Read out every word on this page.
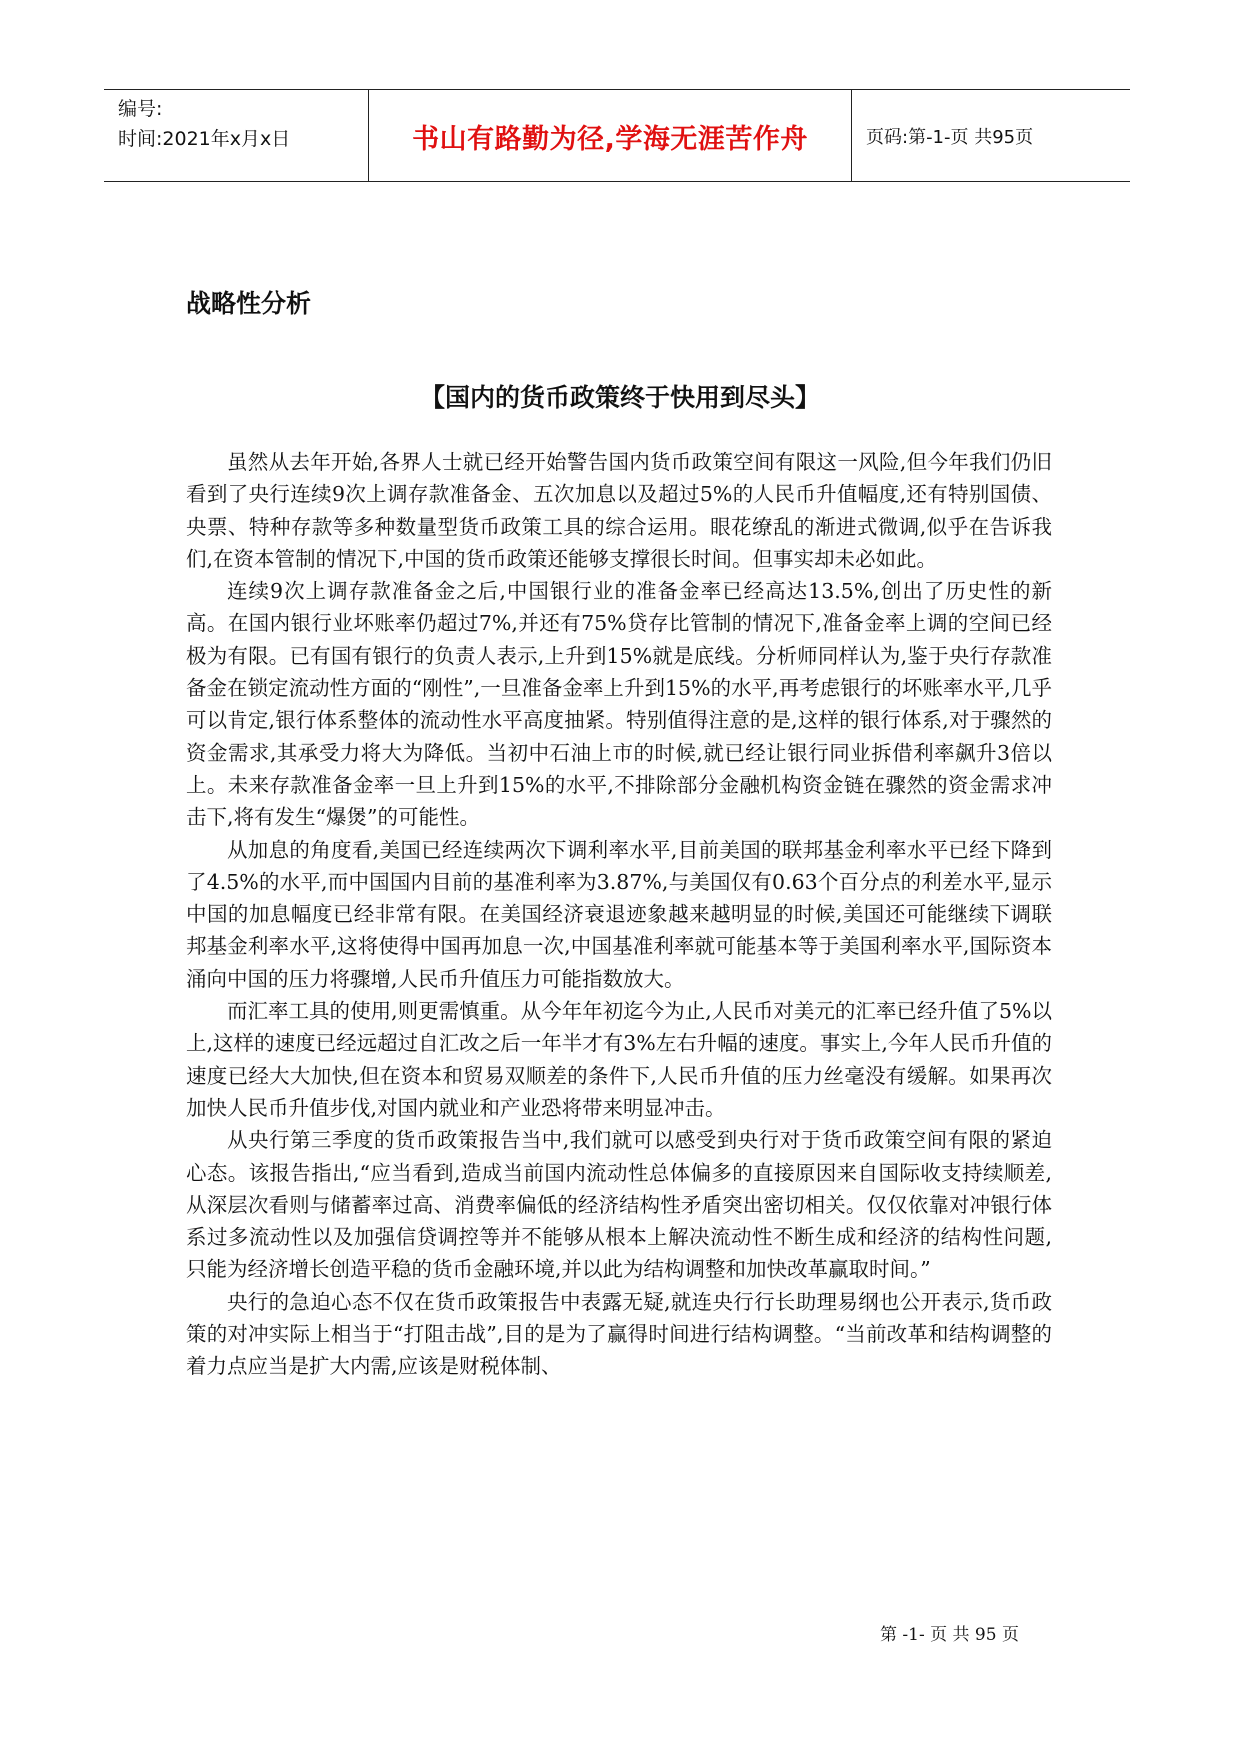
编号:
时间:2021年x月x日	书山有路勤为径,学海无涯苦作舟	页码:第-1-页 共95页
战略性分析
【国内的货币政策终于快用到尽头】

虽然从去年开始,各界人士就已经开始警告国内货币政策空间有限这一风险,但今年我们仍旧看到了央行连续9次上调存款准备金、五次加息以及超过5%的人民币升值幅度,还有特别国债、央票、特种存款等多种数量型货币政策工具的综合运用。眼花缭乱的渐进式微调,似乎在告诉我们,在资本管制的情况下,中国的货币政策还能够支撑很长时间。但事实却未必如此。

连续9次上调存款准备金之后,中国银行业的准备金率已经高达13.5%,创出了历史性的新高。在国内银行业坏账率仍超过7%,并还有75%贷存比管制的情况下,准备金率上调的空间已经极为有限。已有国有银行的负责人表示,上升到15%就是底线。分析师同样认为,鉴于央行存款准备金在锁定流动性方面的“刚性”,一旦准备金率上升到15%的水平,再考虑银行的坏账率水平,几乎可以肯定,银行体系整体的流动性水平高度抽紧。特别值得注意的是,这样的银行体系,对于骤然的资金需求,其承受力将大为降低。当初中石油上市的时候,就已经让银行同业拆借利率飙升3倍以上。未来存款准备金率一旦上升到15%的水平,不排除部分金融机构资金链在骤然的资金需求冲击下,将有发生“爆煲”的可能性。

从加息的角度看,美国已经连续两次下调利率水平,目前美国的联邦基金利率水平已经下降到了4.5%的水平,而中国国内目前的基准利率为3.87%,与美国仅有0.63个百分点的利差水平,显示中国的加息幅度已经非常有限。在美国经济衰退迹象越来越明显的时候,美国还可能继续下调联邦基金利率水平,这将使得中国再加息一次,中国基准利率就可能基本等于美国利率水平,国际资本涌向中国的压力将骤增,人民币升值压力可能指数放大。

而汇率工具的使用,则更需慎重。从今年年初迄今为止,人民币对美元的汇率已经升值了5%以上,这样的速度已经远超过自汇改之后一年半才有3%左右升幅的速度。事实上,今年人民币升值的速度已经大大加快,但在资本和贸易双顺差的条件下,人民币升值的压力丝毫没有缓解。如果再次加快人民币升值步伐,对国内就业和产业恐将带来明显冲击。

从央行第三季度的货币政策报告当中,我们就可以感受到央行对于货币政策空间有限的紧迫心态。该报告指出,“应当看到,造成当前国内流动性总体偏多的直接原因来自国际收支持续顺差,从深层次看则与储蓄率过高、消费率偏低的经济结构性矛盾突出密切相关。仅仅依靠对冲银行体系过多流动性以及加强信贷调控等并不能够从根本上解决流动性不断生成和经济的结构性问题,只能为经济增长创造平稳的货币金融环境,并以此为结构调整和加快改革赢取时间。”

央行的急迫心态不仅在货币政策报告中表露无疑,就连央行行长助理易纲也公开表示,货币政策的对冲实际上相当于“打阻击战”,目的是为了赢得时间进行结构调整。“当前改革和结构调整的着力点应当是扩大内需,应该是财税体制、

第 -1- 页 共 95 页
